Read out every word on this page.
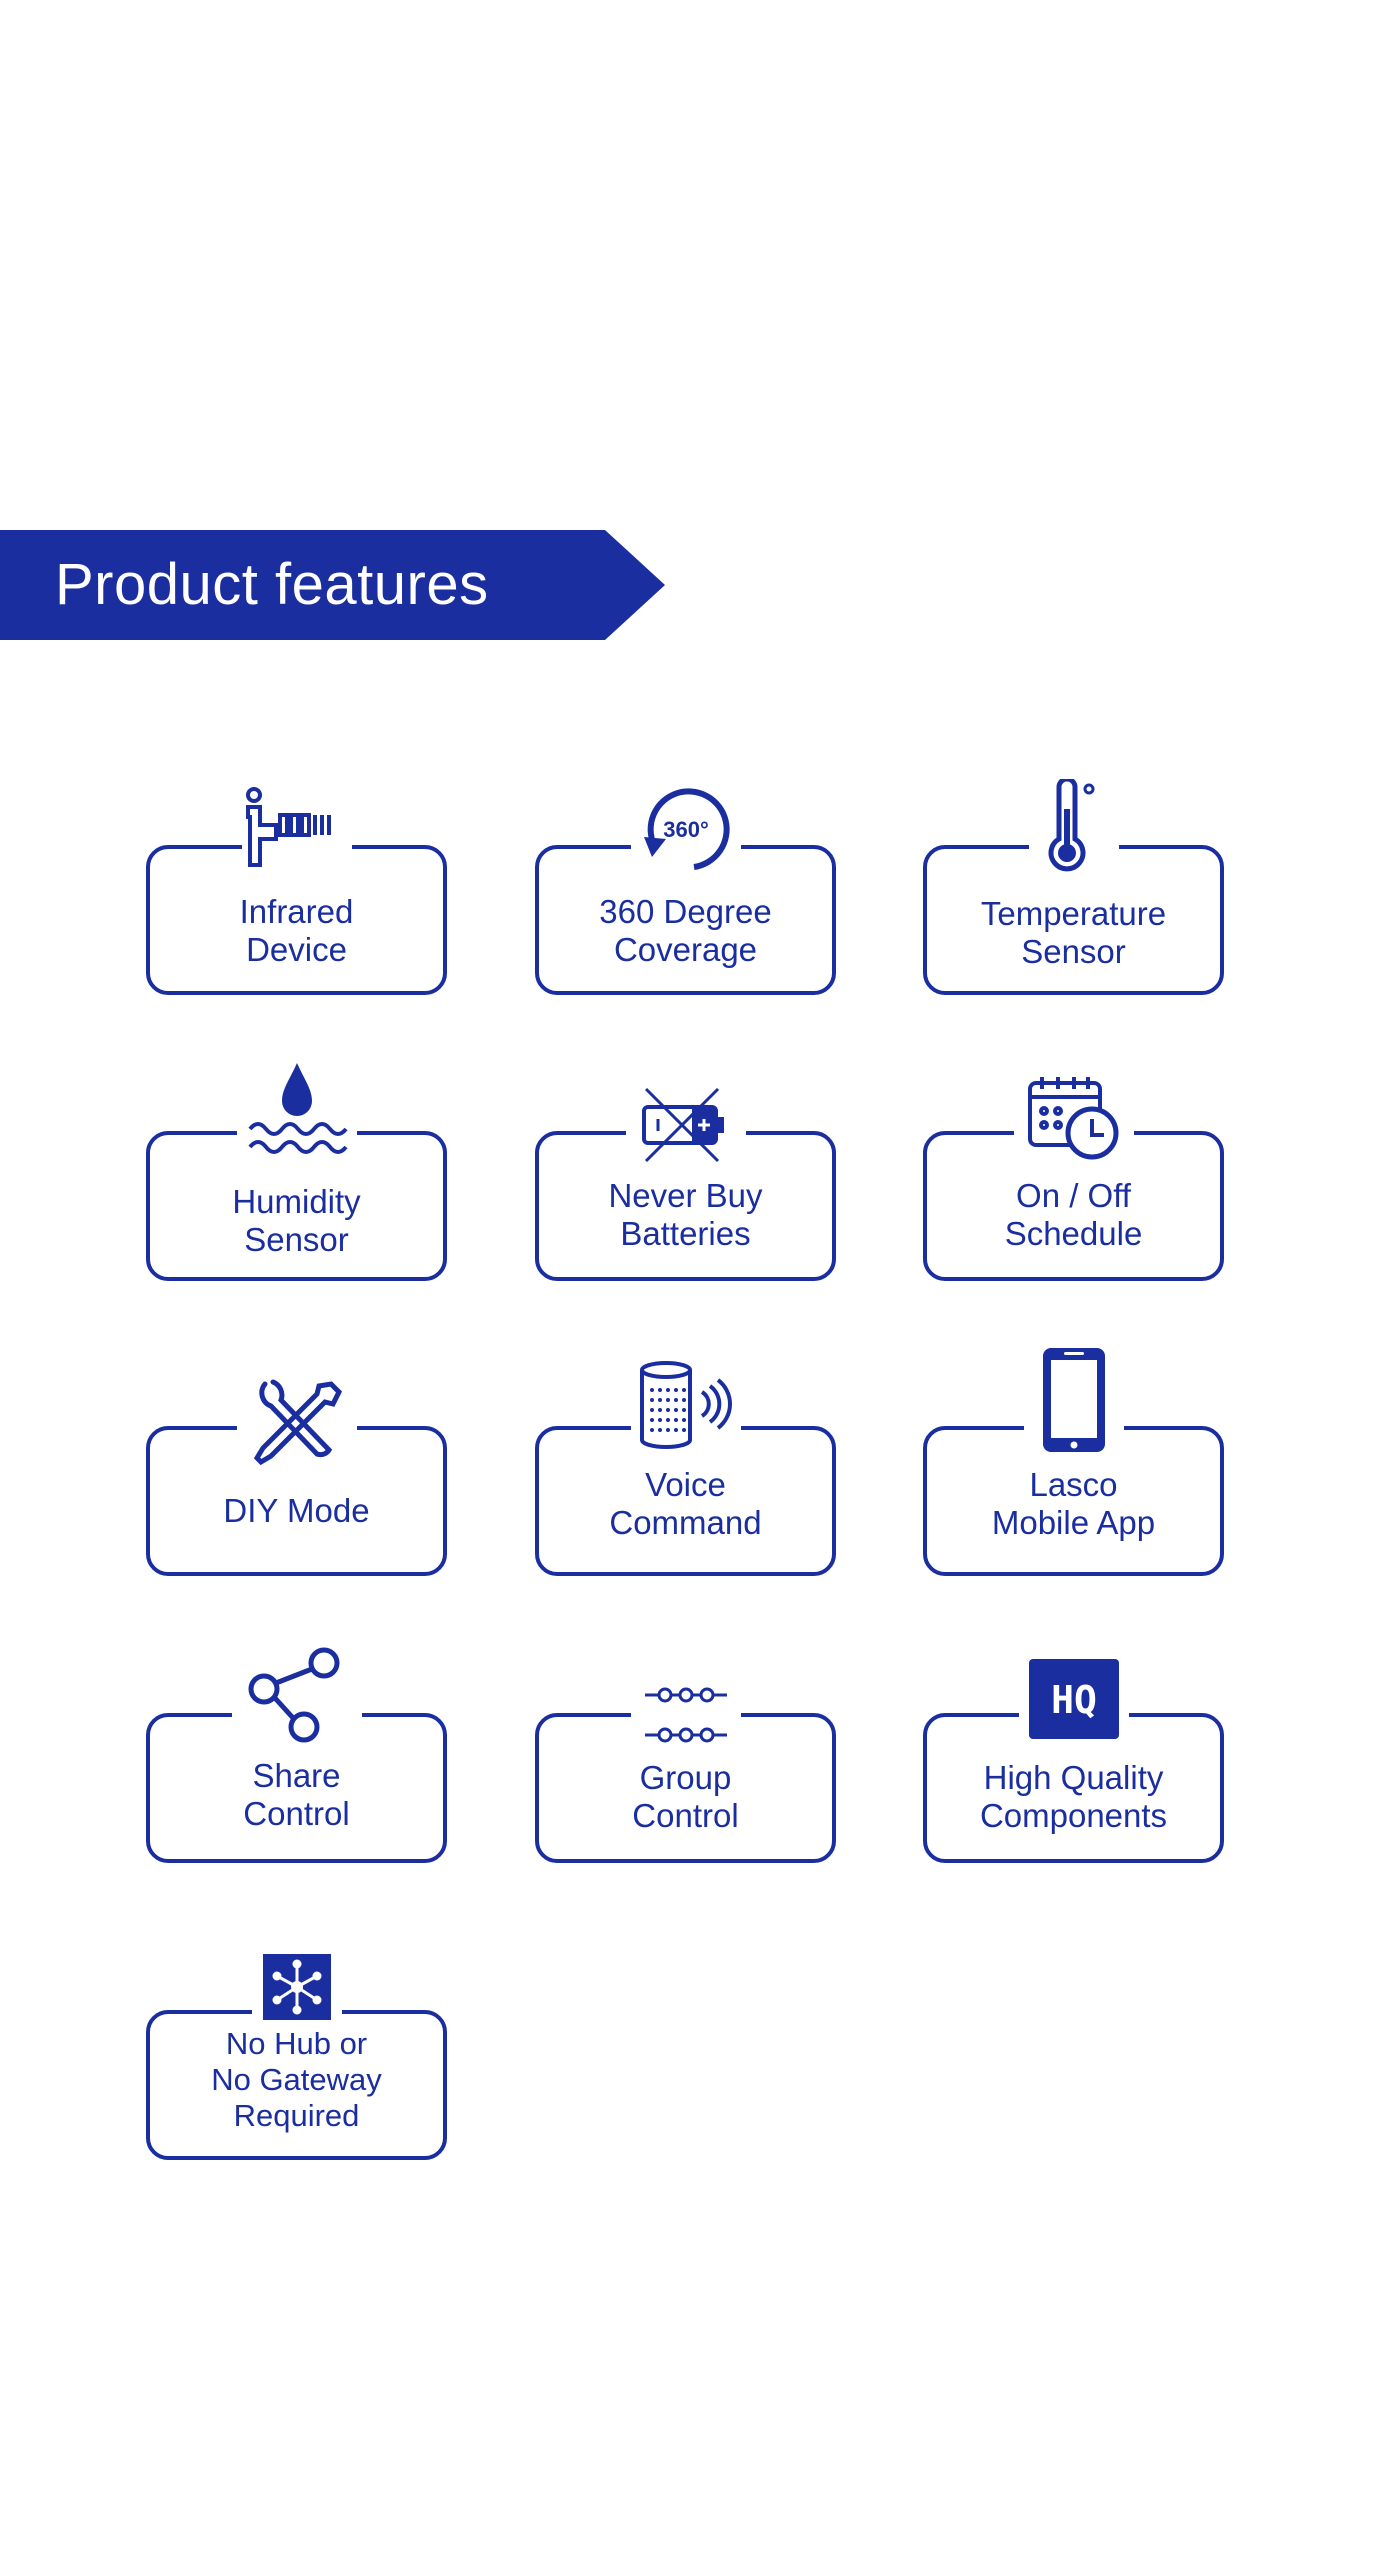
Product features
Infrared
Device
360°
360 Degree
Coverage
Temperature
Sensor
Humidity
Sensor
Never Buy
Batteries
On / Off
Schedule
DIY Mode
Voice
Command
Lasco
Mobile App
Share
Control
Group
Control
HQ
High Quality
Components
No Hub or
No Gateway
Required
